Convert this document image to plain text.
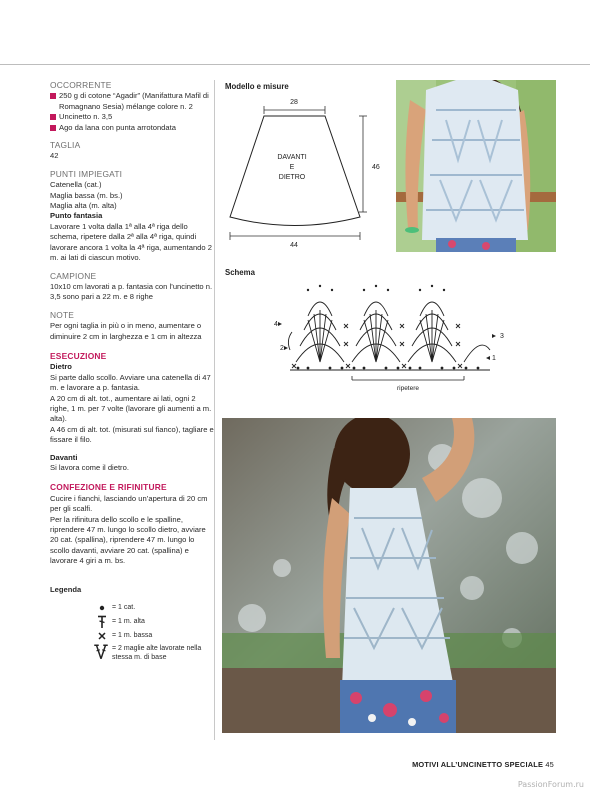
OCCORRENTE
250 g di cotone “Agadir” (Manifattura Mafil di Romagnano Sesia) mélange colore n. 2
Uncinetto n. 3,5
Ago da lana con punta arrotondata
TAGLIA
42
PUNTI IMPIEGATI
Catenella (cat.)
Maglia bassa (m. bs.)
Maglia alta (m. alta)
Punto fantasia
Lavorare 1 volta dalla 1ª alla 4ª riga dello schema, ripetere dalla 2ª alla 4ª riga, quindi lavorare ancora 1 volta la 4ª riga, aumentando 2 m. ai lati di ciascun motivo.
CAMPIONE
10x10 cm lavorati a p. fantasia con l’uncinetto n. 3,5 sono pari a 22 m. e 8 righe
NOTE
Per ogni taglia in più o in meno, aumentare o diminuire 2 cm in larghezza e 1 cm in altezza
ESECUZIONE
Dietro
Si parte dallo scollo. Avviare una catenella di 47 m. e lavorare a p. fantasia.
A 20 cm di alt. tot., aumentare ai lati, ogni 2 righe, 1 m. per 7 volte (lavorare gli aumenti a m. alta).
A 46 cm di alt. tot. (misurati sul fianco), tagliare e fissare il filo.
Davanti
Si lavora come il dietro.
CONFEZIONE E RIFINITURE
Cucire i fianchi, lasciando un’apertura di 20 cm per gli scalfi.
Per la rifinitura dello scollo e le spalline, riprendere 47 m. lungo lo scollo dietro, avviare 20 cat. (spallina), riprendere 47 m. lungo lo scollo davanti, avviare 20 cat. (spallina) e lavorare 4 giri a m. bs.
Legenda
= 1 cat.
= 1 m. alta
= 1 m. bassa
= 2 maglie alte lavorate nella stessa m. di base
Modello e misure
28
DAVANTI
E
DIETRO
46
44
Schema
1
2
3
4
ripetere
MOTIVI ALL’UNCINETTO SPECIALE 45
PassionForum.ru
